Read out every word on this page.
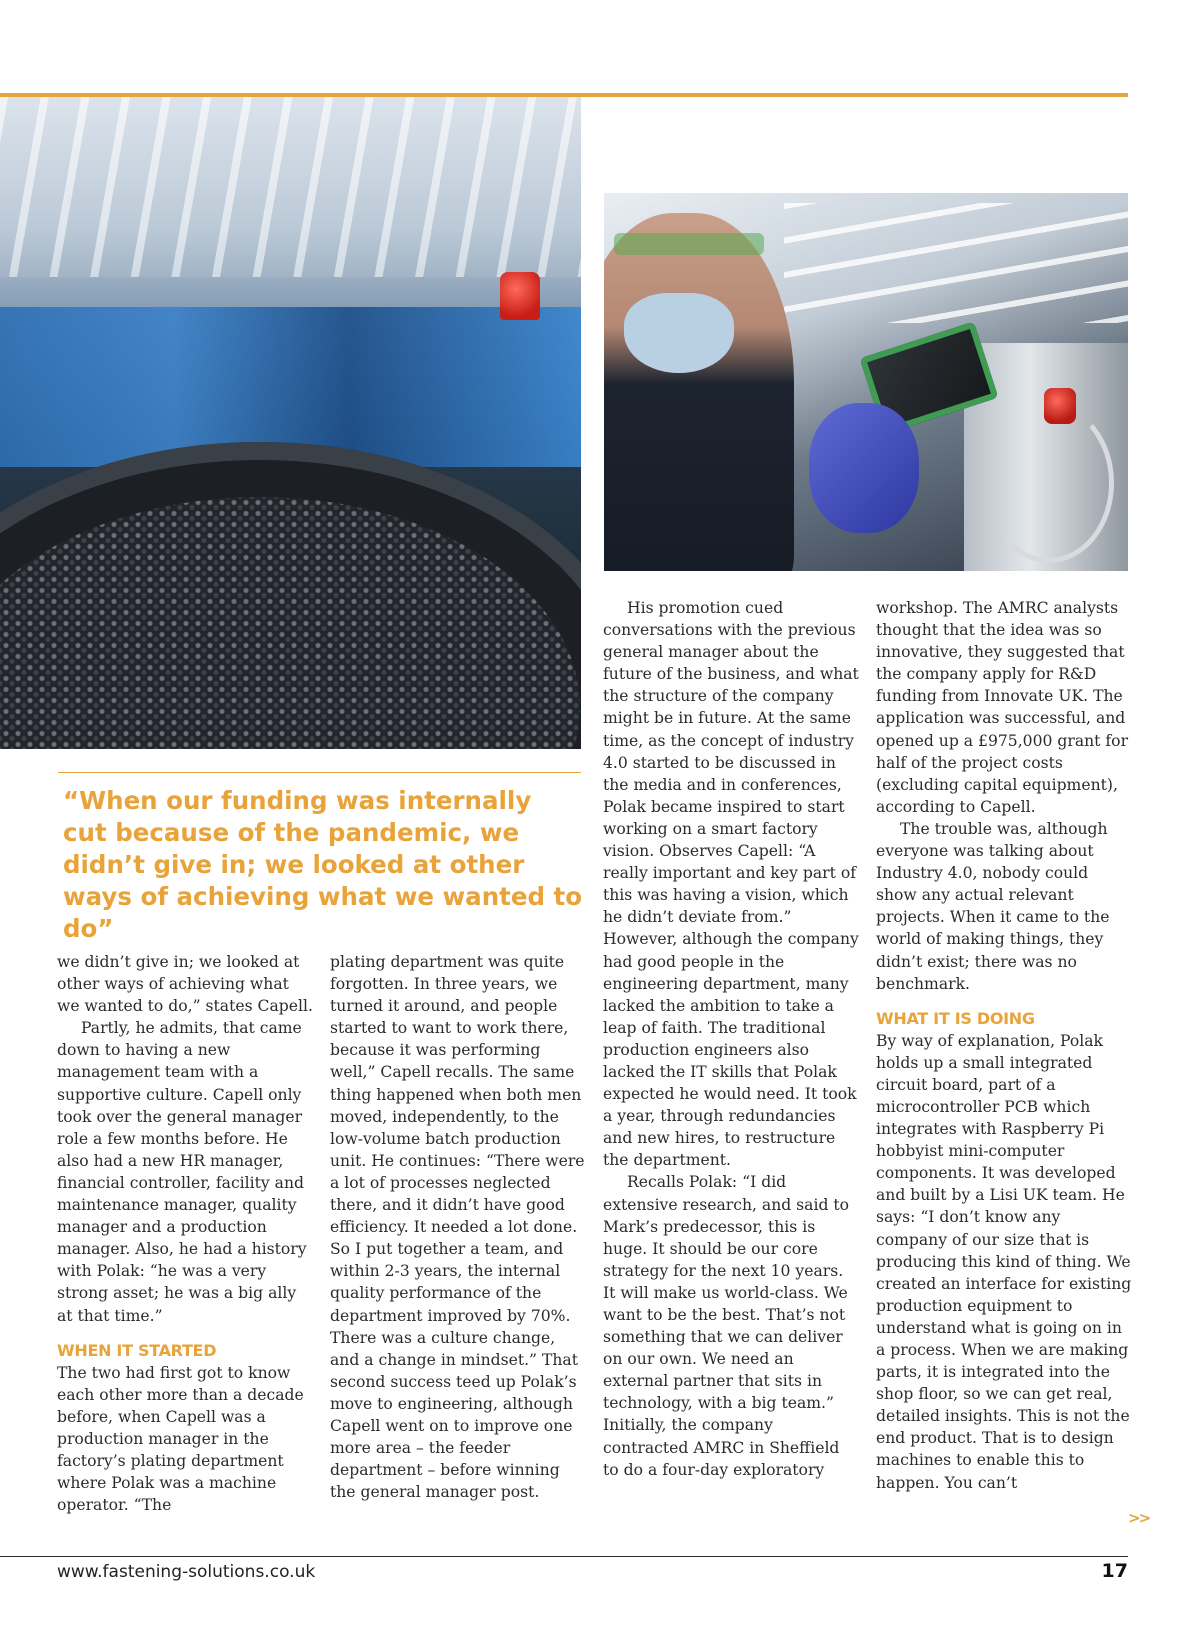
“When our funding was internally cut because of the pandemic, we didn’t give in; we looked at other ways of achieving what we wanted to do”

we didn’t give in; we looked at other ways of achieving what we wanted to do,” states Capell.

Partly, he admits, that came down to having a new management team with a supportive culture. Capell only took over the general manager role a few months before. He also had a new HR manager, financial controller, facility and maintenance manager, quality manager and a production manager. Also, he had a history with Polak: “he was a very strong asset; he was a big ally at that time.”

WHEN IT STARTED

The two had first got to know each other more than a decade before, when Capell was a production manager in the factory’s plating department where Polak was a machine operator. “The

plating department was quite forgotten. In three years, we turned it around, and people started to want to work there, because it was performing well,” Capell recalls. The same thing happened when both men moved, independently, to the low-volume batch production unit. He continues: “There were a lot of processes neglected there, and it didn’t have good efficiency. It needed a lot done. So I put together a team, and within 2-3 years, the internal quality performance of the department improved by 70%. There was a culture change, and a change in mindset.” That second success teed up Polak’s move to engineering, although Capell went on to improve one more area – the feeder department – before winning the general manager post.

His promotion cued conversations with the previous general manager about the future of the business, and what the structure of the company might be in future. At the same time, as the concept of industry 4.0 started to be discussed in the media and in conferences, Polak became inspired to start working on a smart factory vision. Observes Capell: “A really important and key part of this was having a vision, which he didn’t deviate from.” However, although the company had good people in the engineering department, many lacked the ambition to take a leap of faith. The traditional production engineers also lacked the IT skills that Polak expected he would need. It took a year, through redundancies and new hires, to restructure the department.

Recalls Polak: “I did extensive research, and said to Mark’s predecessor, this is huge. It should be our core strategy for the next 10 years. It will make us world-class. We want to be the best. That’s not something that we can deliver on our own. We need an external partner that sits in technology, with a big team.” Initially, the company contracted AMRC in Sheffield to do a four-day exploratory

workshop. The AMRC analysts thought that the idea was so innovative, they suggested that the company apply for R&D funding from Innovate UK. The application was successful, and opened up a £975,000 grant for half of the project costs (excluding capital equipment), according to Capell.

The trouble was, although everyone was talking about Industry 4.0, nobody could show any actual relevant projects. When it came to the world of making things, they didn’t exist; there was no benchmark.

WHAT IT IS DOING

By way of explanation, Polak holds up a small integrated circuit board, part of a microcontroller PCB which integrates with Raspberry Pi hobbyist mini-computer components. It was developed and built by a Lisi UK team. He says: “I don’t know any company of our size that is producing this kind of thing. We created an interface for existing production equipment to understand what is going on in a process. When we are making parts, it is integrated into the shop floor, so we can get real, detailed insights. This is not the end product. That is to design machines to enable this to happen. You can’t

>>
www.fastening-solutions.co.uk	17
